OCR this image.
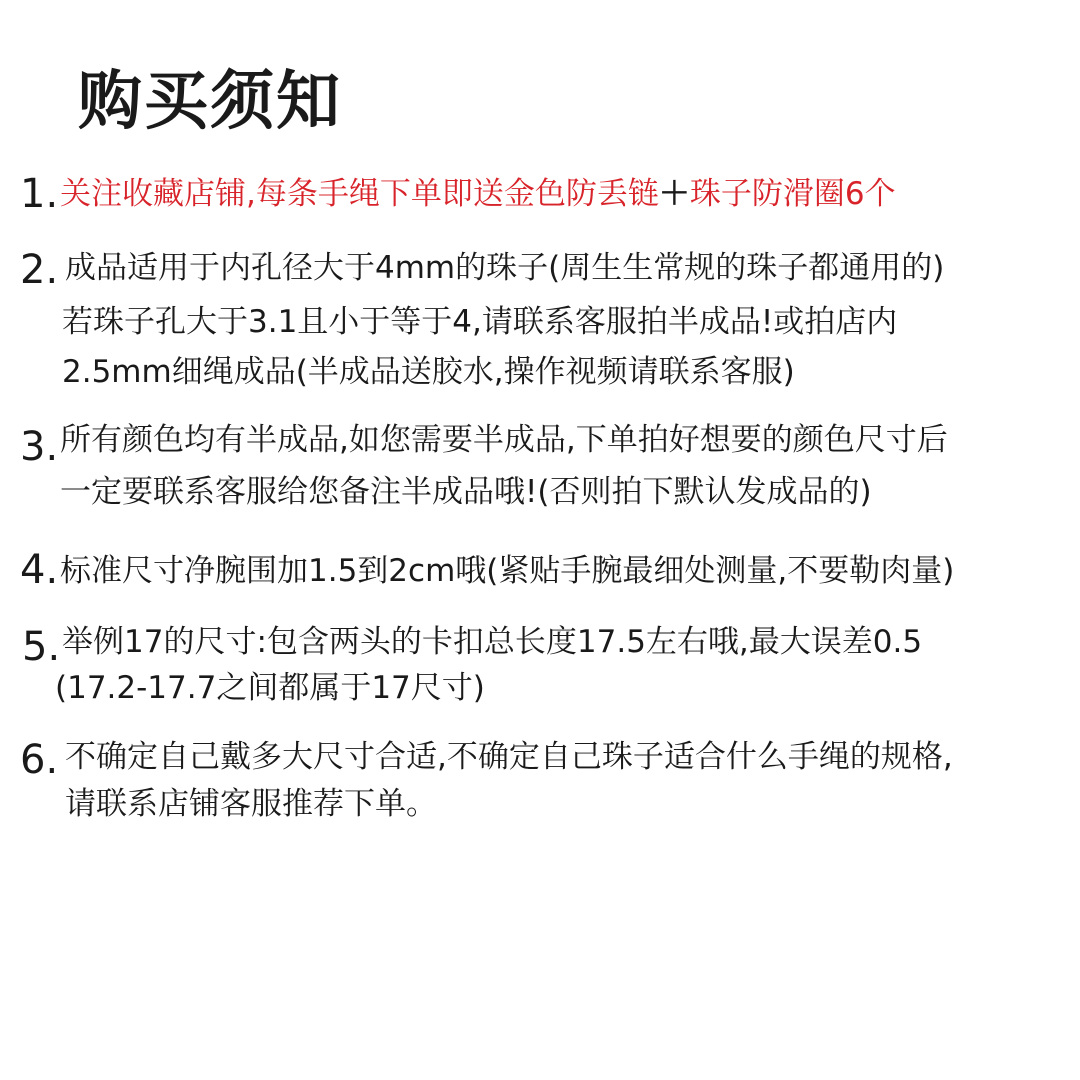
购买须知
1. 关注收藏店铺,每条手绳下单即送金色防丢链＋珠子防滑圈6个
2. 成品适用于内孔径大于4mm的珠子(周生生常规的珠子都通用的)
若珠子孔大于3.1且小于等于4,请联系客服拍半成品!或拍店内
2.5mm细绳成品(半成品送胶水,操作视频请联系客服)
3. 所有颜色均有半成品,如您需要半成品,下单拍好想要的颜色尺寸后
一定要联系客服给您备注半成品哦!(否则拍下默认发成品的)
4. 标准尺寸净腕围加1.5到2cm哦(紧贴手腕最细处测量,不要勒肉量)
5. 举例17的尺寸:包含两头的卡扣总长度17.5左右哦,最大误差0.5
(17.2-17.7之间都属于17尺寸)
6. 不确定自己戴多大尺寸合适,不确定自己珠子适合什么手绳的规格,
请联系店铺客服推荐下单。
